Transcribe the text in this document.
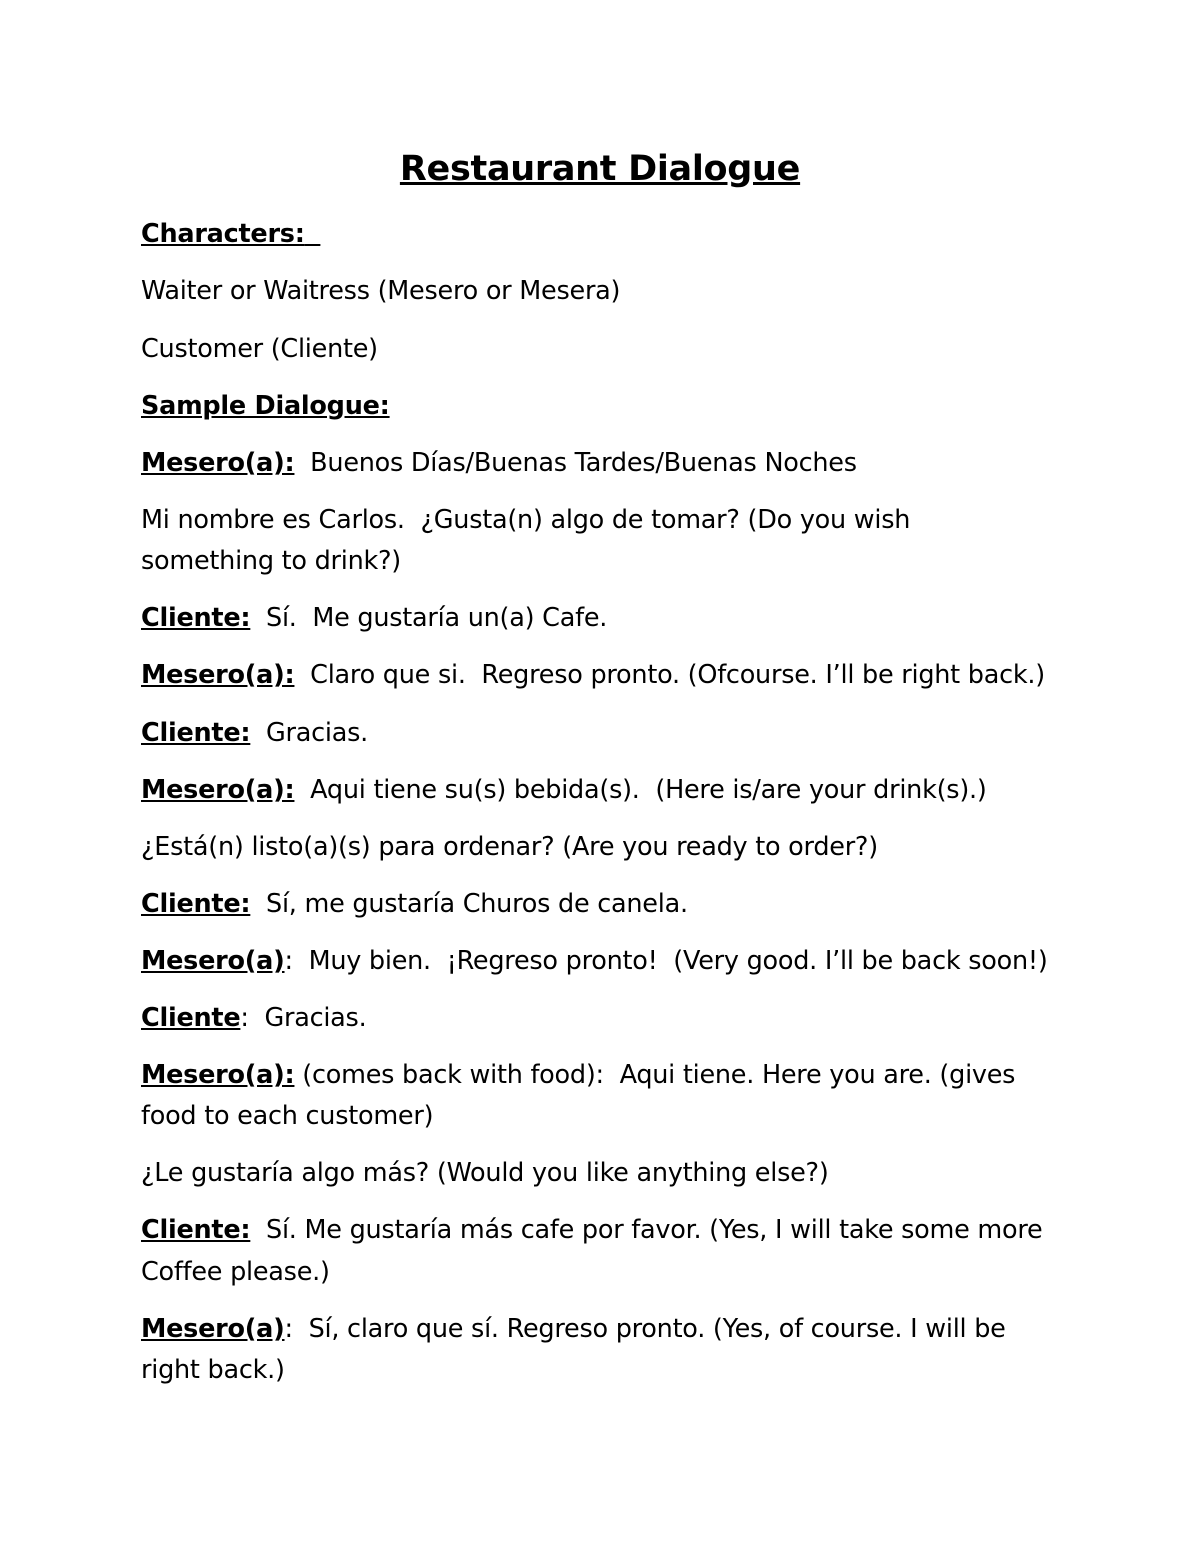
Restaurant Dialogue
Characters:
Waiter or Waitress (Mesero or Mesera)
Customer (Cliente)
Sample Dialogue:
Mesero(a):  Buenos Días/Buenas Tardes/Buenas Noches
Mi nombre es Carlos.  ¿Gusta(n) algo de tomar? (Do you wish
something to drink?)
Cliente:  Sí.  Me gustaría un(a) Cafe.
Mesero(a):  Claro que si.  Regreso pronto. (Ofcourse. I’ll be right back.)
Cliente:  Gracias.
Mesero(a):  Aqui tiene su(s) bebida(s).  (Here is/are your drink(s).)
¿Está(n) listo(a)(s) para ordenar? (Are you ready to order?)
Cliente:  Sí, me gustaría Churos de canela.
Mesero(a):  Muy bien.  ¡Regreso pronto!  (Very good. I’ll be back soon!)
Cliente:  Gracias.
Mesero(a): (comes back with food):  Aqui tiene. Here you are. (gives
food to each customer)
¿Le gustaría algo más? (Would you like anything else?)
Cliente:  Sí. Me gustaría más cafe por favor. (Yes, I will take some more
Coffee please.)
Mesero(a):  Sí, claro que sí. Regreso pronto. (Yes, of course. I will be
right back.)
